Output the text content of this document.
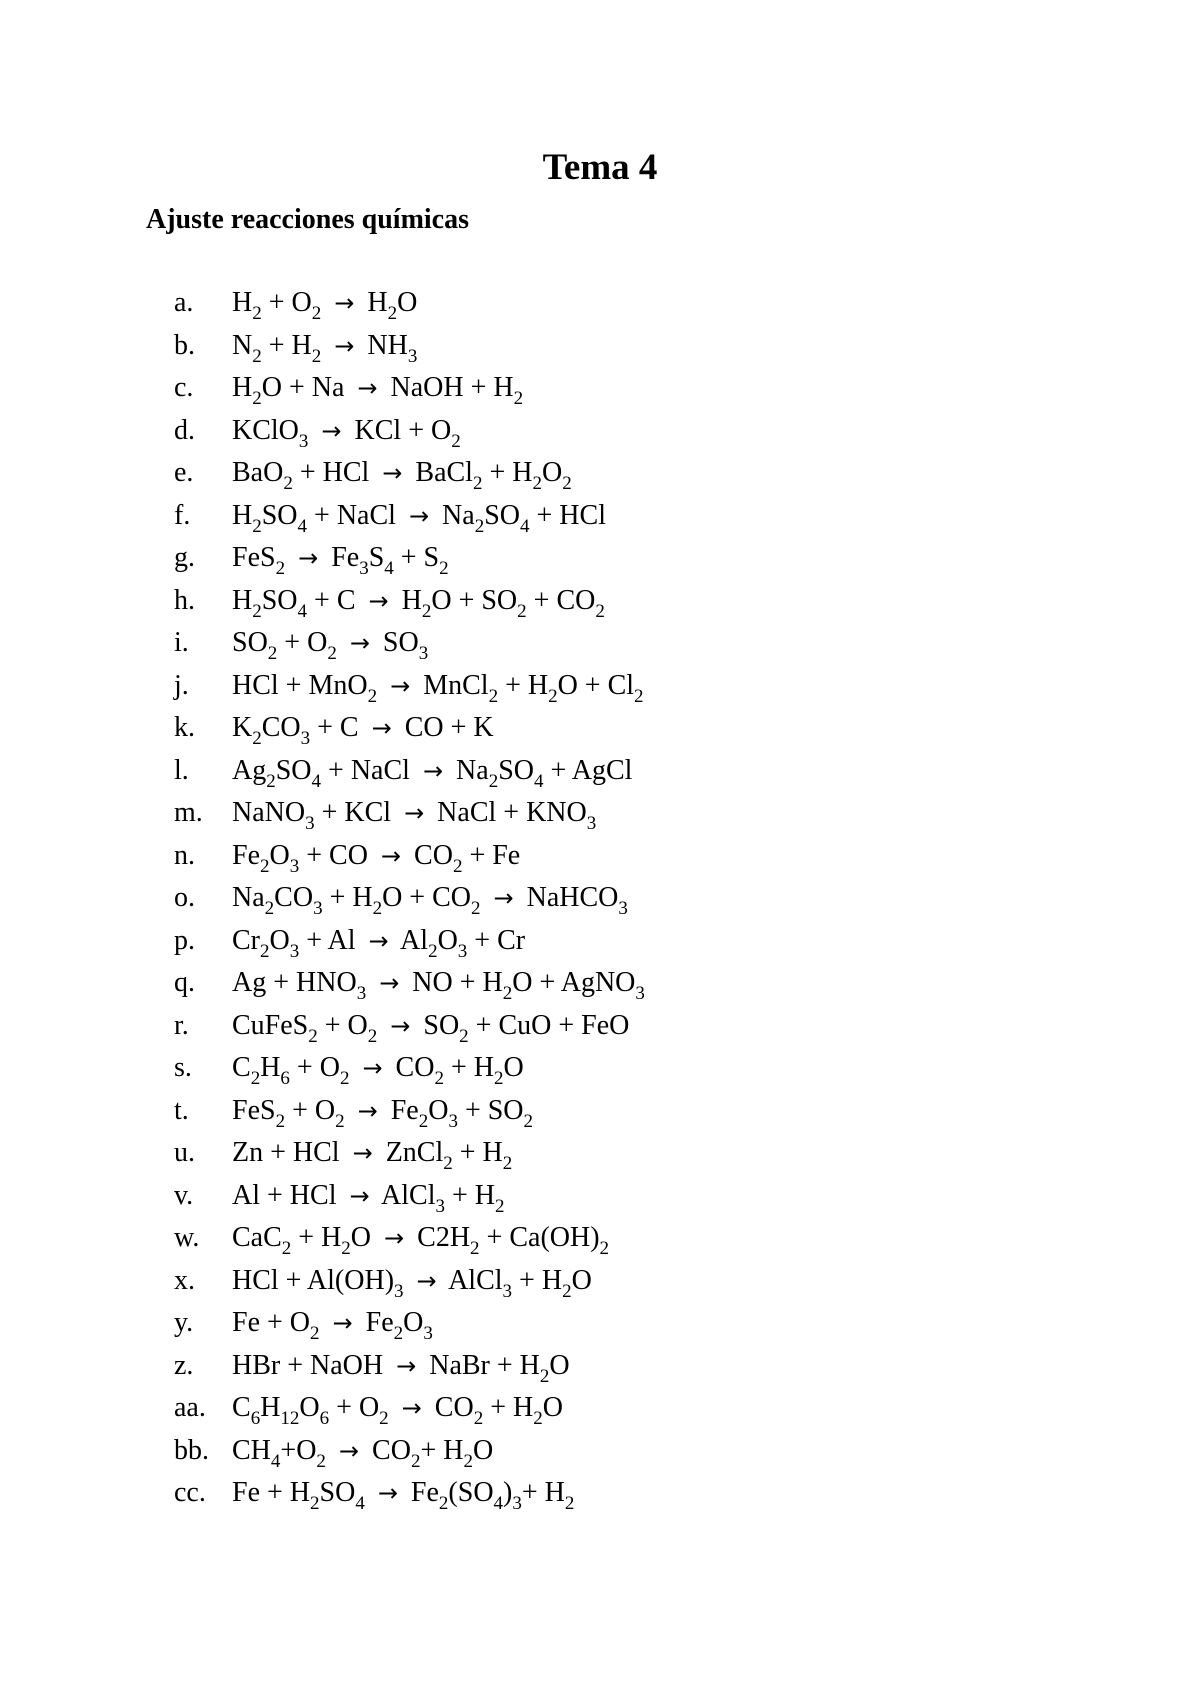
Tema 4
Ajuste reacciones químicas
a. $H_2 + O_2 \to H_2O$
b. $N_2 + H_2 \to NH_3$
c. $H_2O + Na$ → NaOH + $H_2$
d. KClO$_3$ → KCl + $O_2$
e. BaO$_2$ + HCl → BaCl$_2$ + $H_2O_2$
f. $H_2SO_4$ + NaCl → $Na_2SO_4$ + HCl
g. $FeS_2 \to Fe_3S_4 + S_2$
h. $H_2SO_4 + C \to H_2O + SO_2 + CO_2$
i. $SO_2 + O_2 \to SO_3$
j. HCl + MnO$_2$ → MnCl$_2$ + $H_2O + Cl_2$
k. $K_2CO_3 + C$ → CO + K
l. $Ag_2SO_4$ + NaCl → $Na_2SO_4$ + AgCl
m. NaNO$_3$ + KCl → NaCl + $KNO_3$
n. $Fe_2O_3$ + CO → $CO_2 + Fe$
o. $Na_2CO_3 + H_2O + CO_2$ → NaHCO$_3$
p. $Cr_2O_3 + Al \to Al_2O_3 + Cr$
q. $Ag + HNO_3$ → NO + $H_2O$ + AgNO$_3$
r. CuFeS$_2$ + $O_2 \to SO_2$ + CuO + FeO
s. $C_2H_6 + O_2 \to CO_2 + H_2O$
t. $FeS_2 + O_2 \to Fe_2O_3 + SO_2$
u. Zn + HCl → ZnCl$_2$ + $H_2$
v. Al + HCl → AlCl$_3$ + $H_2$
w. $CaC_2 + H_2O \to C2H_2 + Ca(OH)_2$
x. HCl + $Al(OH)_3$ → AlCl$_3$ + $H_2O$
y. $Fe + O_2 \to Fe_2O_3$
z. HBr + NaOH → NaBr + $H_2O$
aa. $C_6H_{12}O_6 + O_2 \to CO_2 + H_2O$
bb. $CH_4+O_2 \to CO_2+ H_2O$
cc. $Fe + H_2SO_4 \to Fe_2(SO_4)_3+ H_2$
